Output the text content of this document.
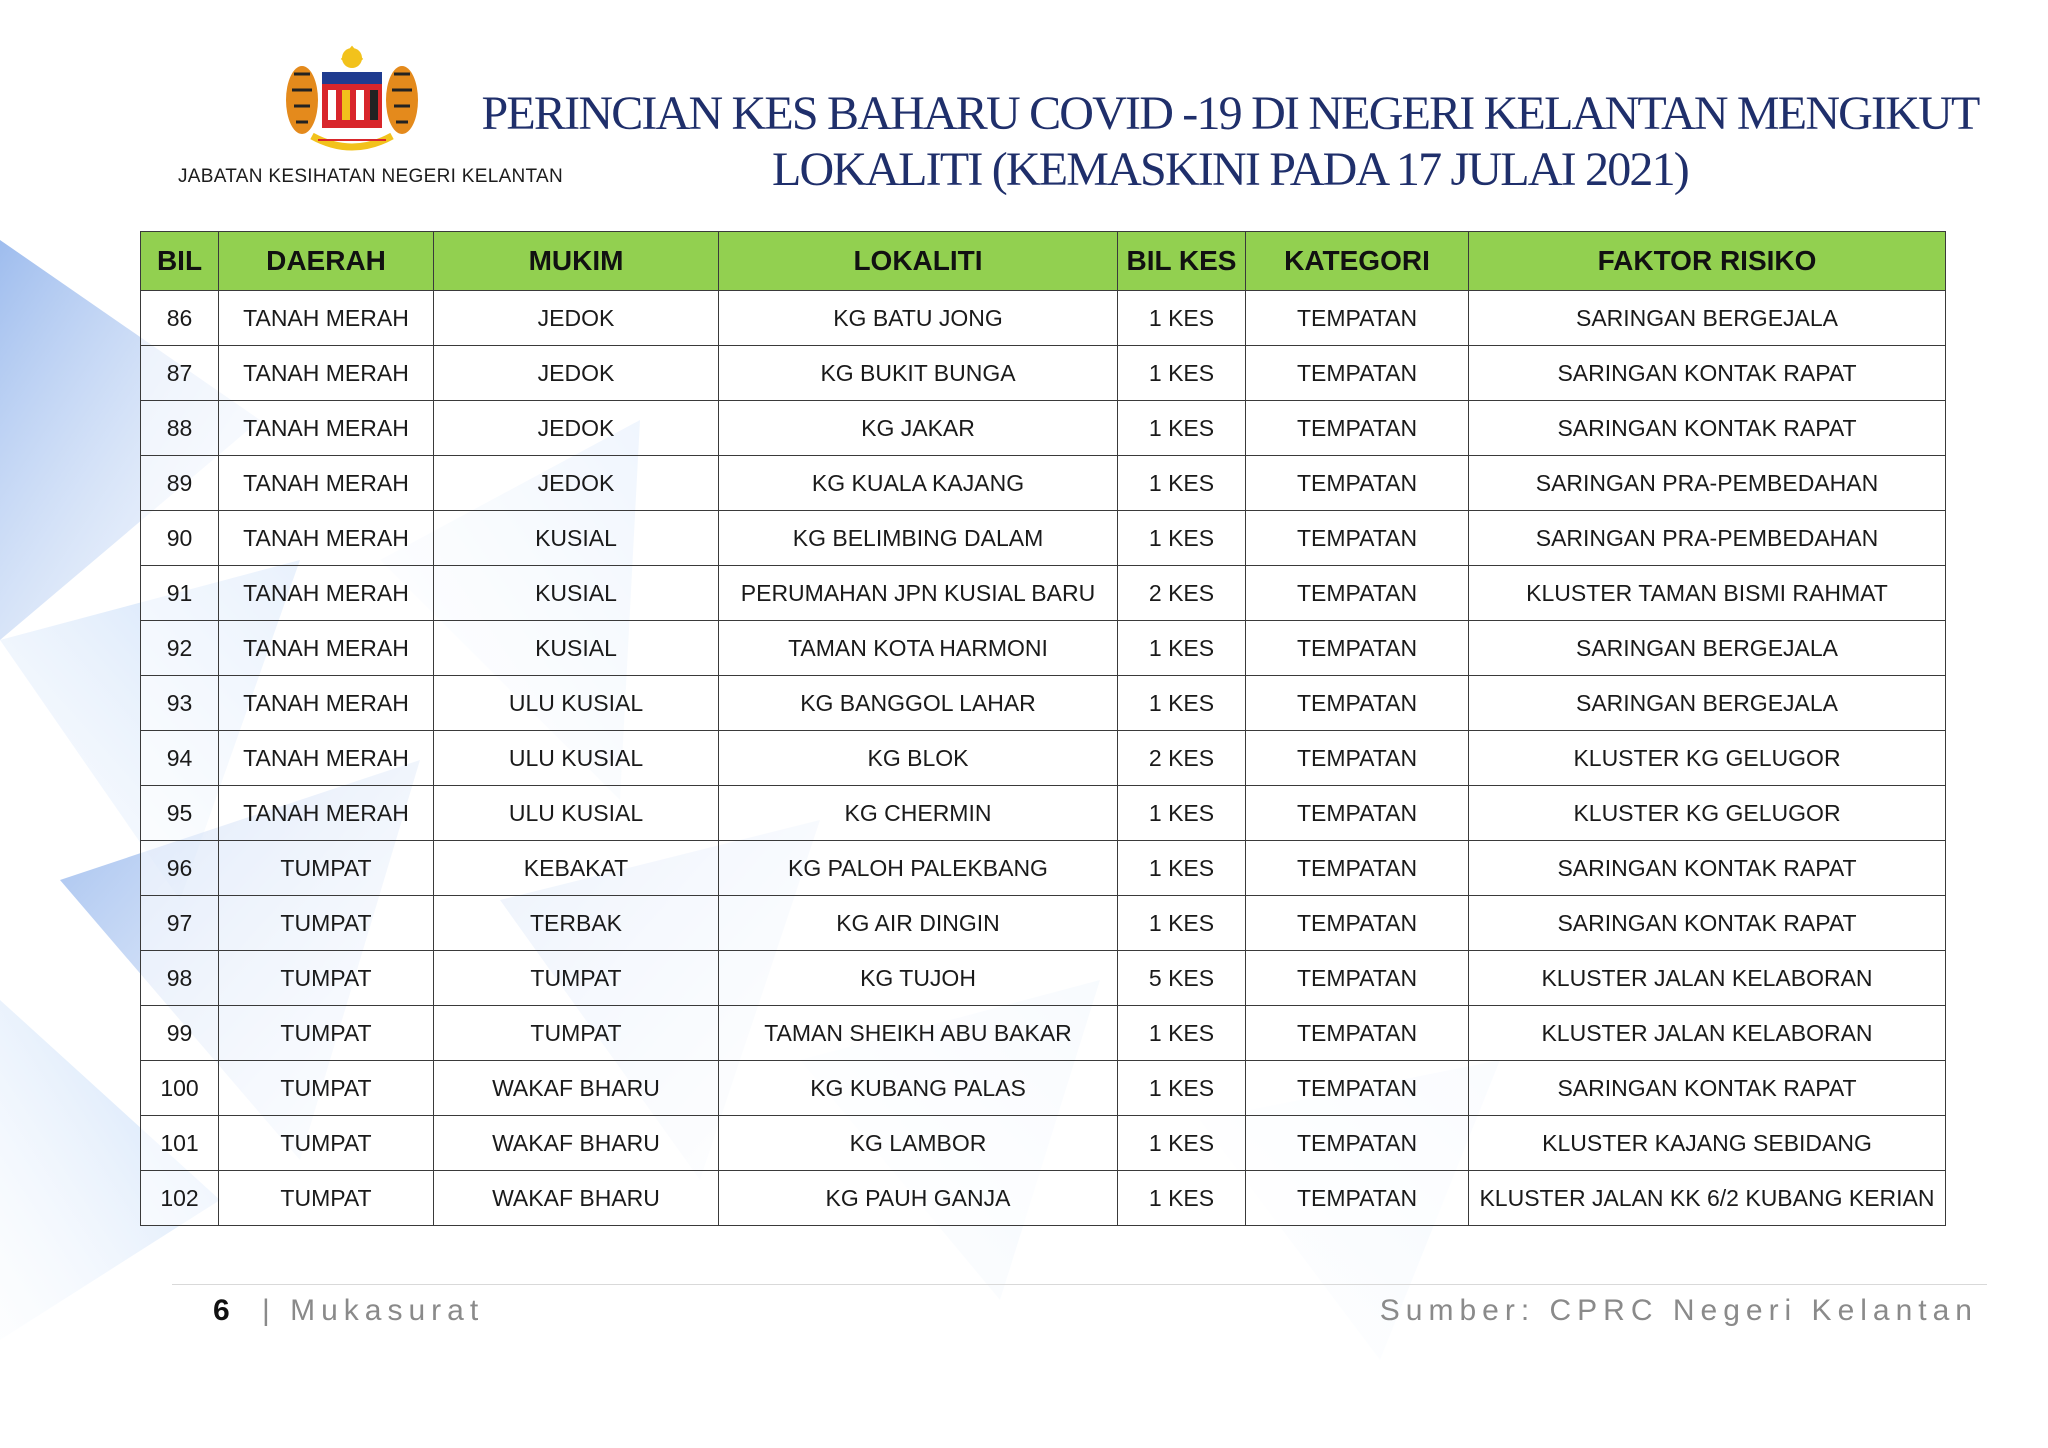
JABATAN KESIHATAN NEGERI KELANTAN
PERINCIAN KES BAHARU COVID -19 DI NEGERI KELANTAN MENGIKUT
LOKALITI (KEMASKINI PADA 17 JULAI 2021)
BIL	DAERAH	MUKIM	LOKALITI	BIL KES	KATEGORI	FAKTOR RISIKO
86	TANAH MERAH	JEDOK	KG BATU JONG	1 KES	TEMPATAN	SARINGAN BERGEJALA
87	TANAH MERAH	JEDOK	KG BUKIT BUNGA	1 KES	TEMPATAN	SARINGAN KONTAK RAPAT
88	TANAH MERAH	JEDOK	KG JAKAR	1 KES	TEMPATAN	SARINGAN KONTAK RAPAT
89	TANAH MERAH	JEDOK	KG KUALA KAJANG	1 KES	TEMPATAN	SARINGAN PRA-PEMBEDAHAN
90	TANAH MERAH	KUSIAL	KG BELIMBING DALAM	1 KES	TEMPATAN	SARINGAN PRA-PEMBEDAHAN
91	TANAH MERAH	KUSIAL	PERUMAHAN JPN KUSIAL BARU	2 KES	TEMPATAN	KLUSTER TAMAN BISMI RAHMAT
92	TANAH MERAH	KUSIAL	TAMAN KOTA HARMONI	1 KES	TEMPATAN	SARINGAN BERGEJALA
93	TANAH MERAH	ULU KUSIAL	KG BANGGOL LAHAR	1 KES	TEMPATAN	SARINGAN BERGEJALA
94	TANAH MERAH	ULU KUSIAL	KG BLOK	2 KES	TEMPATAN	KLUSTER KG GELUGOR
95	TANAH MERAH	ULU KUSIAL	KG CHERMIN	1 KES	TEMPATAN	KLUSTER KG GELUGOR
96	TUMPAT	KEBAKAT	KG PALOH PALEKBANG	1 KES	TEMPATAN	SARINGAN KONTAK RAPAT
97	TUMPAT	TERBAK	KG AIR DINGIN	1 KES	TEMPATAN	SARINGAN KONTAK RAPAT
98	TUMPAT	TUMPAT	KG TUJOH	5 KES	TEMPATAN	KLUSTER JALAN KELABORAN
99	TUMPAT	TUMPAT	TAMAN SHEIKH ABU BAKAR	1 KES	TEMPATAN	KLUSTER JALAN KELABORAN
100	TUMPAT	WAKAF BHARU	KG KUBANG PALAS	1 KES	TEMPATAN	SARINGAN KONTAK RAPAT
101	TUMPAT	WAKAF BHARU	KG LAMBOR	1 KES	TEMPATAN	KLUSTER KAJANG SEBIDANG
102	TUMPAT	WAKAF BHARU	KG PAUH GANJA	1 KES	TEMPATAN	KLUSTER JALAN KK 6/2 KUBANG KERIAN
6 | Mukasurat	Sumber: CPRC Negeri Kelantan
